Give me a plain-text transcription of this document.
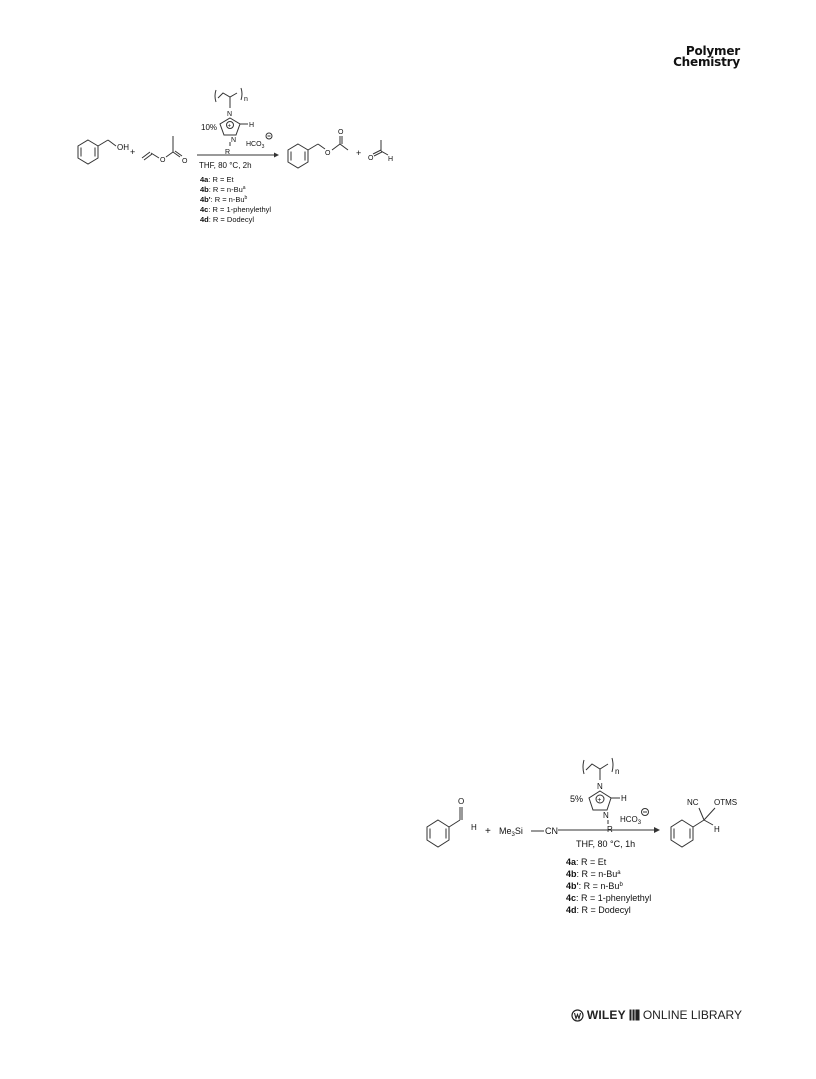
Polymer
Chemistry
OH +
O O
n
N
+	H
N
R
10%
$HCO_3$
THF, 80 °C, 2h
O
O
+
O H
4a: R = Et
4b: $R = n-Bu^a$
4b': $R = n-Bu^b$
4c: R = 1-phenylethyl
4d: R = Dodecyl
O
$H + Me_3Si$ CN
n
N
+ H
N
R
5%
$HCO_3$
THF, 80 °C, 1h
NC OTMS
H
4a: R = Et
4b: $R = n-Bu^a$
4b': $R = n-Bu^b$
4c: R = 1-phenylethyl
4d: R = Dodecyl
WILEY ONLINE LIBRARY
